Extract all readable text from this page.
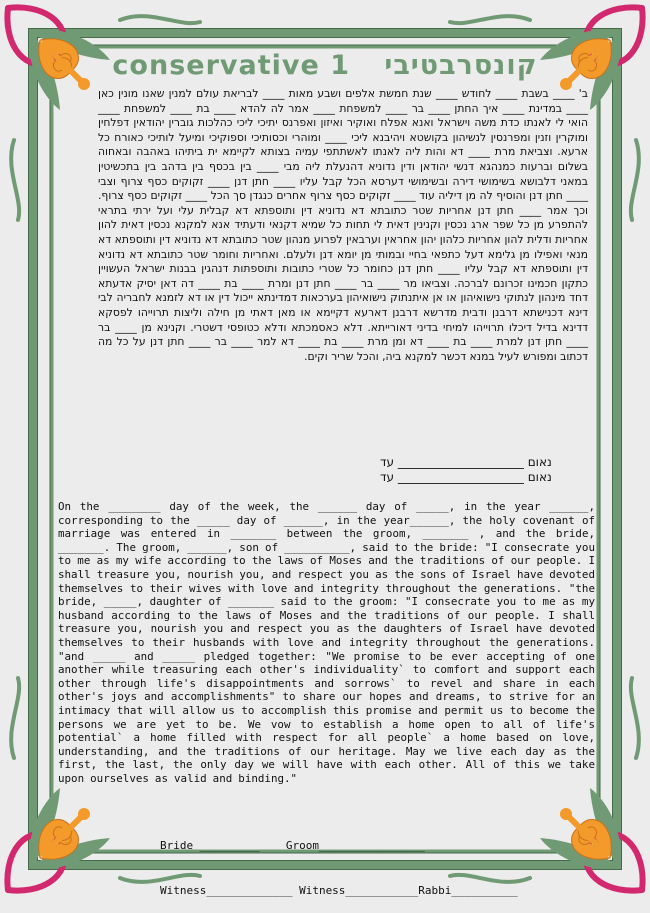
conservative 1 קונסרבטיבי
ב' ____ בשבת ____ לחודש ____ שנת חמשת אלפים ושבע מאות ____ לבריאת עולם למנין שאנו מונין כאן ____ במדינת ____ איך החתן ____ בר ____ למשפחת ____ אמר לה להדא ____ בת ____ למשפחת ____ הואי לי לאנתו כדת משה וישראל ואנא אפלח ואוקיר ואיזון ואפרנס יתיכי ליכי כהלכות גוברין יהודאין דפלחין ומוקרין וזנין ומפרנסין לנשיהון בקושטא ויהיבנא ליכי ____ ומוהרי וכסותיכי וספוקיכי ומיעל לותיכי כאורח כל ארעא. וצביאת מרת ____ דא והות ליה לאנתו לאשתתפי עמיה בצותא לקיימא ית ביתיהו באהבה ובאחוה בשלום וברעות כמנהגא דנשי יהודאן ודין נדוניא דהנעלת ליה מבי ____ בין בכסף בין בדהב בין בתכשיטין במאני דלבושא בשימושי דירה ובשימושי דערסא הכל קבל עליו ____ חתן דנן ____ זקוקים כסף צרוף וצבי ____ חתן דנן והוסיף לה מן דיליה עוד ____ זקוקים כסף צרוף אחרים כנגדן סך הכל ____ זקוקים כסף צרוף. וכך אמר ____ חתן דנן אחריות שטר כתובתא דא נדוניא דין ותוספתא דא קבלית עלי ועל ירתי בתראי להתפרע מן כל שפר ארג נכסין וקנינין דאית לי תחות כל שמיא דקנאי ודעתיד אנא למקנא נכסין דאית להון אחריות ודלית להון אחריות כלהון יהון אחראין וערבאין לפרוע מנהון שטר כתובתא דא נדוניא דין ותוספתא דא מנאי ואפילו מן גלימא דעל כתפאי בחיי ובמותי מן יומא דנן ולעלם. ואחריות וחומר שטר כתובתא דא נדוניא דין ותוספתא דא קבל עליו ____ חתן דנן כחומר כל שטרי כתובות ותוספתות דנהגין בבנות ישראל העשויין כתקון חכמינו זכרונם לברכה. וצביאו מר ____ בר ____ חתן דנן ומרת ____ בת ____ דה דאן יסיק אדעתא דחד מינהון לנתוקי נישואיהון או אן איתנתוק נישואיהון בערכאות דמדינתא ייכול דין או דא לזמנא לחבריה לבי דינא דכנישתא דרבנן ודבית מדרשא דרבנן דארעא דקיימא או מאן דאתי מן חילה וליצות תרוייהו לפסקא דדינא בדיל דיכלו תרוייהו למיחי בדיני דאורייתא. דלא כאסמכתא ודלא כטופסי דשטרי. וקנינא מן ____ בר ____ חתן דנן למרת ____ בת ____ דא ומן מרת ____ בת ____ דא למר ____ בר ____ חתן דנן על כל מה דכתוב ומפורש לעיל במנא דכשר למקנא ביה, והכל שריר וקים.
נאום _____________________ עד
נאום _____________________ עד
On the ________ day of the week, the ______ day of _____, in the year ______, corresponding to the _____ day of ______, in the year______, the holy covenant of marriage was entered in _______ between the groom, _______ , and the bride, _______. The groom, ______, son of __________, said to the bride: "I consecrate you to me as my wife according to the laws of Moses and the traditions of our people. I shall treasure you, nourish you, and respect you as the sons of Israel have devoted themselves to their wives with love and integrity throughout the generations. "the bride, _____, daughter of _______ said to the groom: "I consecrate you to me as my husband according to the laws of Moses and the traditions of our people. I shall treasure you, nourish you and respect you as the daughters of Israel have devoted themselves to their husbands with love and integrity throughout the generations. "and _____ and _____ pledged together: "We promise to be ever accepting of one another while treasuring each other's individuality` to comfort and support each other through life's disappointments and sorrows` to revel and share in each other's joys and accomplishments" to share our hopes and dreams, to strive for an intimacy that will allow us to accomplish this promise and permit us to become the persons we are yet to be. We vow to establish a home open to all of life's potential` a home filled with respect for all people` a home based on love, understanding, and the traditions of our heritage. May we live each day as the first, the last, the only day we will have with each other. All of this we take upon ourselves as valid and binding."

Bride _________    Groom________________

Witness_____________ Witness___________Rabbi__________
